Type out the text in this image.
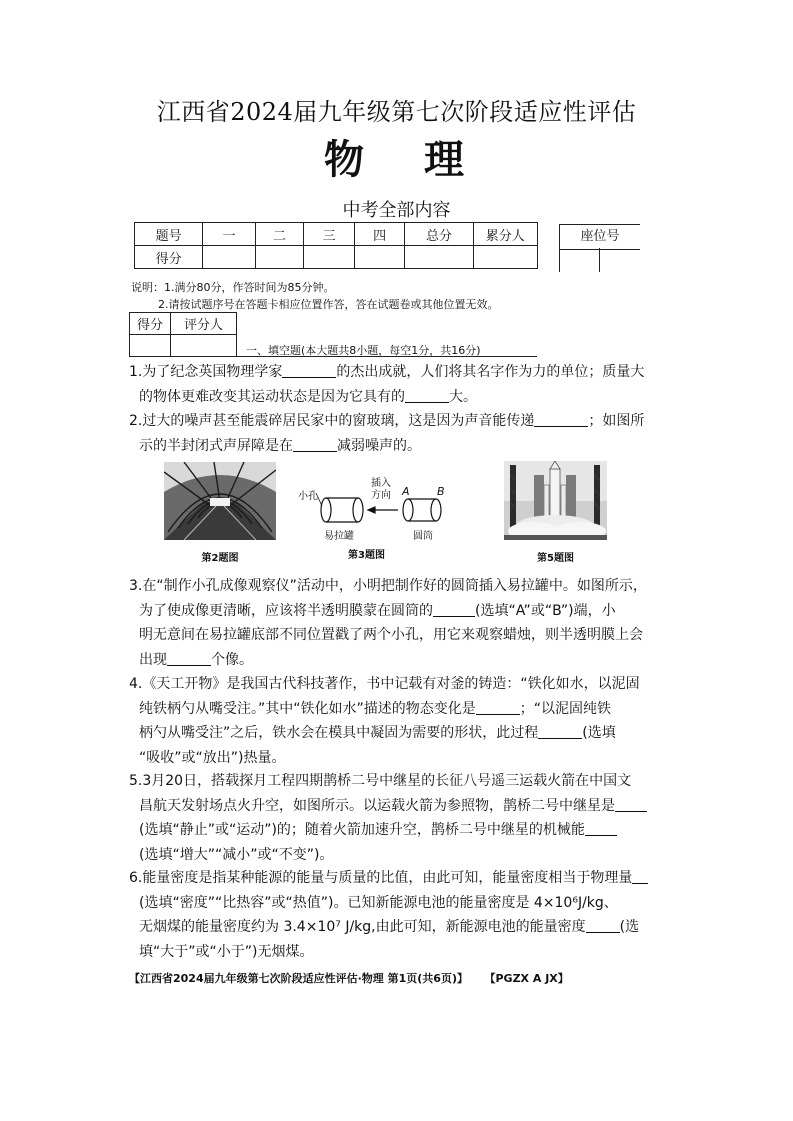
江西省2024届九年级第七次阶段适应性评估
物理
中考全部内容
题号	一	二	三	四	总分	累分人
得分						
座位号
说明：1.满分80分，作答时间为85分钟。
2.请按试题序号在答题卡相应位置作答，答在试题卷或其他位置无效。
得分	评分人

一、填空题(本大题共8小题，每空1分，共16分)
1.为了纪念英国物理学家	的杰出成就，人们将其名字作为力的单位；质量大
的物体更难改变其运动状态是因为它具有的	大。
2.过大的噪声甚至能震碎居民家中的窗玻璃，这是因为声音能传递	；如图所
示的半封闭式声屏障是在	减弱噪声的。
第2题图
小孔
插入
方向 A B
易拉罐	圆筒
第3题图	第5题图
3.在“制作小孔成像观察仪”活动中，小明把制作好的圆筒插入易拉罐中。如图所示，
为了使成像更清晰，应该将半透明膜蒙在圆筒的	(选填“A”或“B”)端，小
明无意间在易拉罐底部不同位置戳了两个小孔，用它来观察蜡烛，则半透明膜上会
出现	个像。
4.《天工开物》是我国古代科技著作，书中记载有对釜的铸造：“铁化如水，以泥固
纯铁柄勺从嘴受注。”其中“铁化如水”描述的物态变化是	；“以泥固纯铁
柄勺从嘴受注”之后，铁水会在模具中凝固为需要的形状，此过程	(选填
“吸收”或“放出”)热量。
5.3月20日，搭载探月工程四期鹊桥二号中继星的长征八号遥三运载火箭在中国文
昌航天发射场点火升空，如图所示。以运载火箭为参照物，鹊桥二号中继星是
(选填“静止”或“运动”)的；随着火箭加速升空，鹊桥二号中继星的机械能
(选填“增大”“减小”或“不变”)。
6.能量密度是指某种能源的能量与质量的比值，由此可知，能量密度相当于物理量
(选填“密度”“比热容”或“热值”)。已知新能源电池的能量密度是 4×10⁶J/kg、
无烟煤的能量密度约为 3.4×10⁷ J/kg,由此可知，新能源电池的能量密度 (选
填“大于”或“小于”)无烟煤。
【江西省2024届九年级第七次阶段适应性评估·物理 第1页(共6页)】 【PGZX A JX】
